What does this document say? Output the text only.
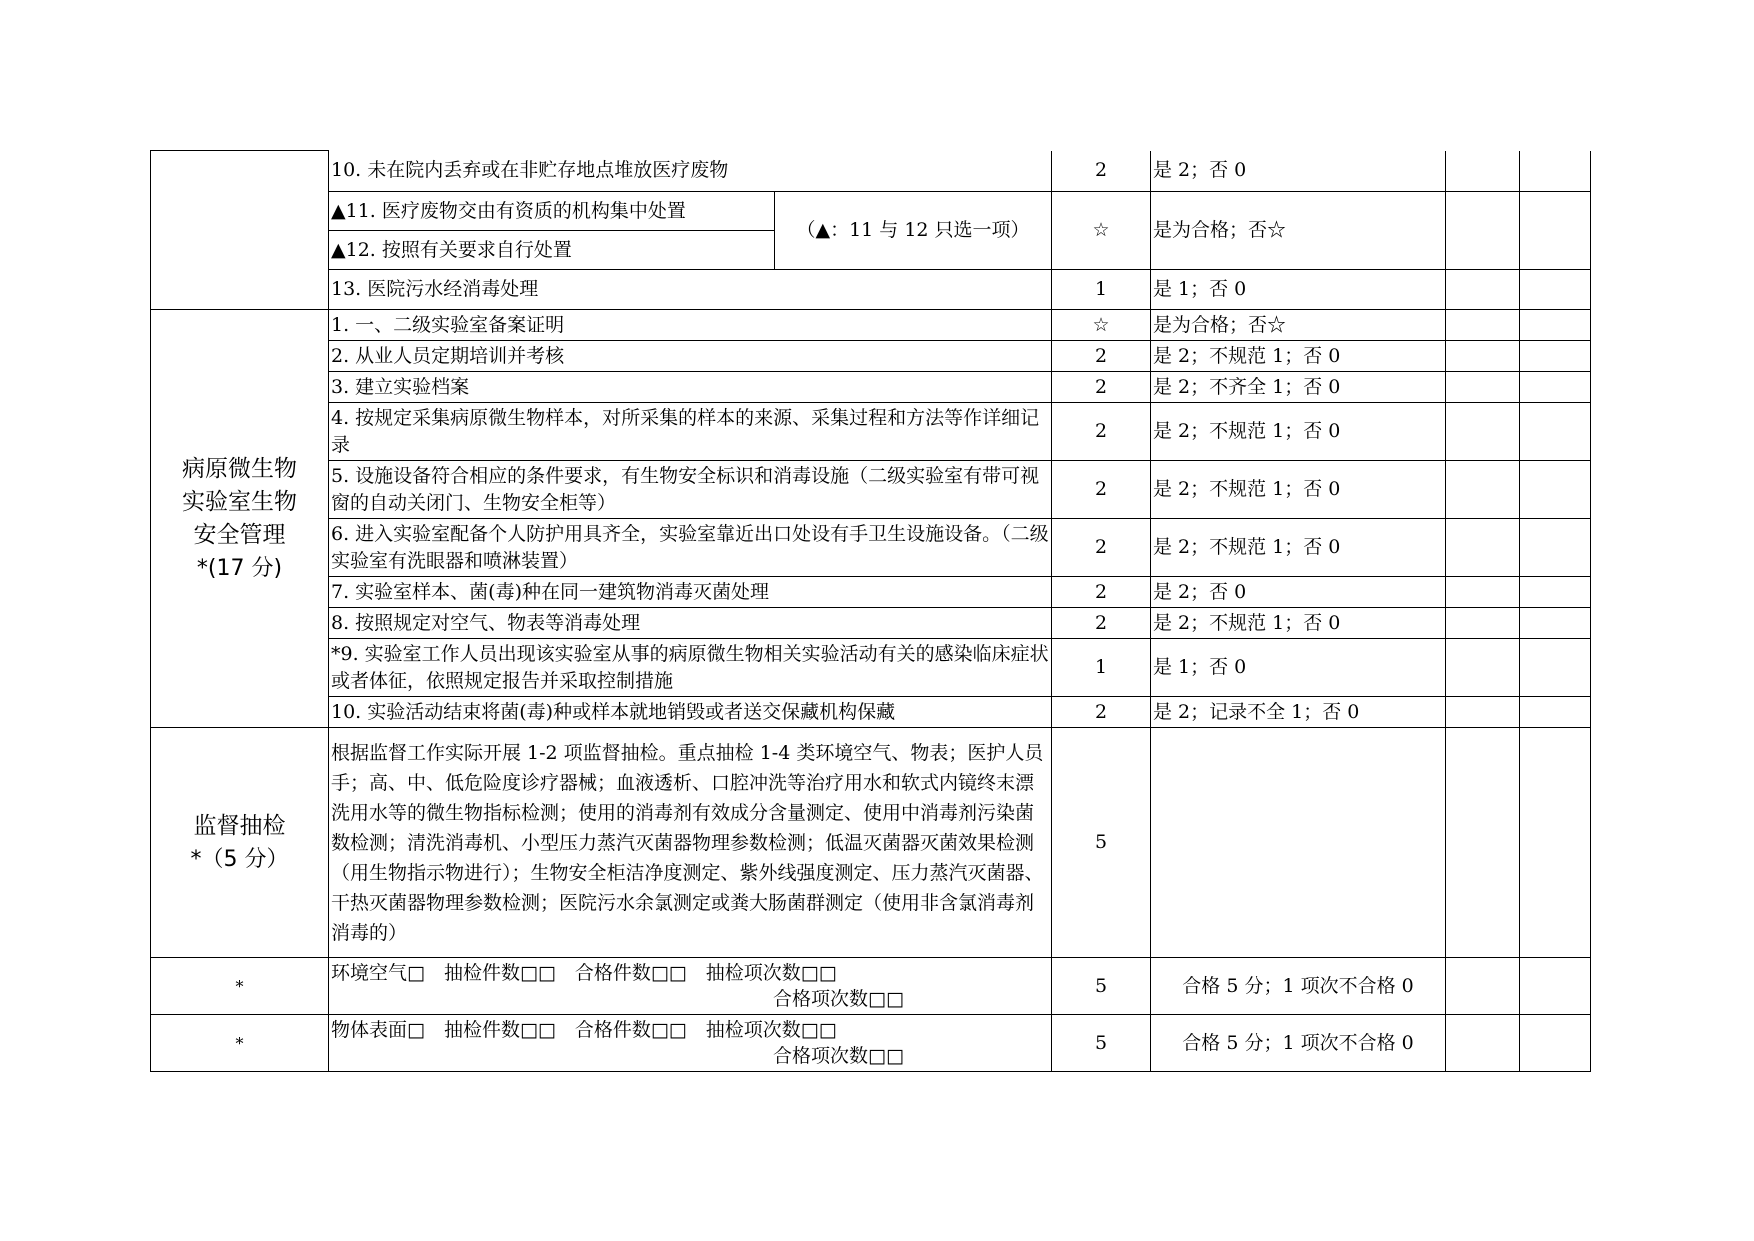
	10. 未在院内丢弃或在非贮存地点堆放医疗废物		2	是 2；否 0		
	▲11. 医疗废物交由有资质的机构集中处置	（▲：11 与 12 只选一项）	☆	是为合格；否☆		
	▲12. 按照有关要求自行处置					
	13. 医院污水经消毒处理		1	是 1；否 0		

病原微生物
实验室生物
安全管理
*(17 分)	1. 一、二级实验室备案证明		☆	是为合格；否☆		
	2. 从业人员定期培训并考核		2	是 2；不规范 1；否 0		
	3. 建立实验档案		2	是 2；不齐全 1；否 0		
	4. 按规定采集病原微生物样本，对所采集的样本的来源、采集过程和方法等作详细记录		2	是 2；不规范 1；否 0		
	5. 设施设备符合相应的条件要求，有生物安全标识和消毒设施（二级实验室有带可视窗的自动关闭门、生物安全柜等）		2	是 2；不规范 1；否 0		
	6. 进入实验室配备个人防护用具齐全，实验室靠近出口处设有手卫生设施设备。（二级实验室有洗眼器和喷淋装置）		2	是 2；不规范 1；否 0		
	7. 实验室样本、菌(毒)种在同一建筑物消毒灭菌处理		2	是 2；否 0		
	8. 按照规定对空气、物表等消毒处理		2	是 2；不规范 1；否 0		
	*9. 实验室工作人员出现该实验室从事的病原微生物相关实验活动有关的感染临床症状或者体征，依照规定报告并采取控制措施		1	是 1；否 0		
	10. 实验活动结束将菌(毒)种或样本就地销毁或者送交保藏机构保藏		2	是 2；记录不全 1；否 0		

监督抽检
*（5 分）	根据监督工作实际开展 1-2 项监督抽检。重点抽检 1-4 类环境空气、物表；医护人员手；高、中、低危险度诊疗器械；血液透析、口腔冲洗等治疗用水和软式内镜终末漂洗用水等的微生物指标检测；使用的消毒剂有效成分含量测定、使用中消毒剂污染菌数检测；清洗消毒机、小型压力蒸汽灭菌器物理参数检测；低温灭菌器灭菌效果检测（用生物指示物进行）；生物安全柜洁净度测定、紫外线强度测定、压力蒸汽灭菌器、干热灭菌器物理参数检测；医院污水余氯测定或粪大肠菌群测定（使用非含氯消毒剂消毒的）		5			
*	环境空气□　抽检件数□□　合格件数□□　抽检项次数□□
合格项次数□□		5	合格 5 分；1 项次不合格 0		
*	物体表面□　抽检件数□□　合格件数□□　抽检项次数□□
合格项次数□□		5	合格 5 分；1 项次不合格 0		
